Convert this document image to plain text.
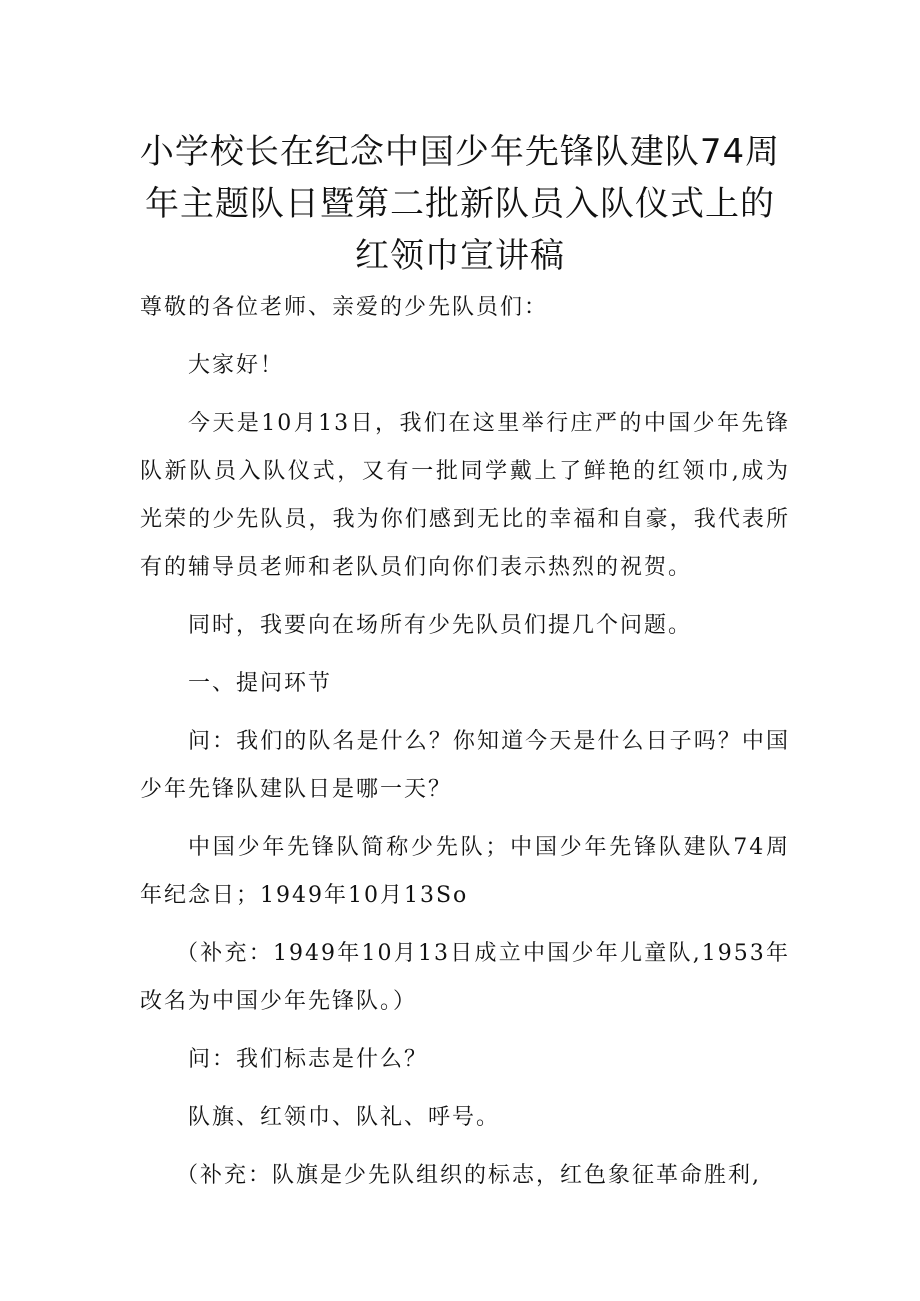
小学校长在纪念中国少年先锋队建队74周
年主题队日暨第二批新队员入队仪式上的
红领巾宣讲稿

尊敬的各位老师、亲爱的少先队员们：

大家好！

今天是10月13日，我们在这里举行庄严的中国少年先锋队新队员入队仪式，又有一批同学戴上了鲜艳的红领巾,成为光荣的少先队员，我为你们感到无比的幸福和自豪，我代表所有的辅导员老师和老队员们向你们表示热烈的祝贺。

同时，我要向在场所有少先队员们提几个问题。

一、提问环节

问：我们的队名是什么？你知道今天是什么日子吗？中国少年先锋队建队日是哪一天？

中国少年先锋队简称少先队；中国少年先锋队建队74周年纪念日；1949年10月13So

（补充：1949年10月13日成立中国少年儿童队,1953年改名为中国少年先锋队。）

问：我们标志是什么？

队旗、红领巾、队礼、呼号。

（补充：队旗是少先队组织的标志，红色象征革命胜利,
